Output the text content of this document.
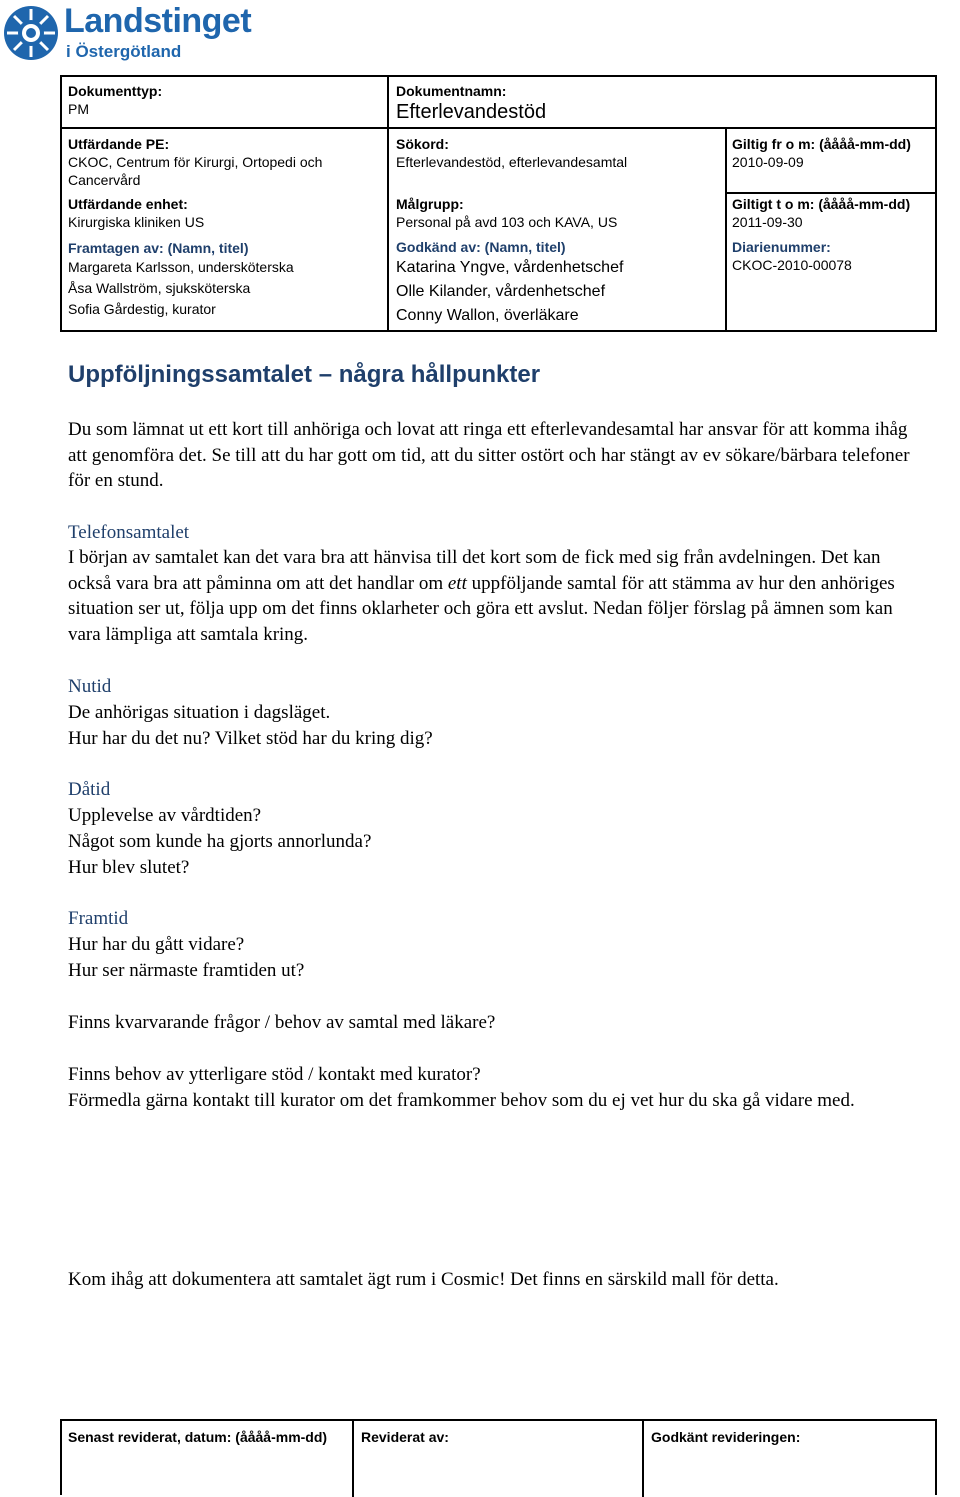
Landstinget
i Östergötland
Dokumenttyp:
PM
Utfärdande PE:
CKOC, Centrum för Kirurgi, Ortopedi och
Cancervård
Utfärdande enhet:
Kirurgiska kliniken US
Framtagen av: (Namn, titel)
Margareta Karlsson, undersköterska
Åsa Wallström, sjuksköterska
Sofia Gårdestig, kurator
Dokumentnamn:
Efterlevandestöd
Sökord:
Efterlevandestöd, efterlevandesamtal
Målgrupp:
Personal på avd 103 och KAVA, US
Godkänd av: (Namn, titel)
Katarina Yngve, vårdenhetschef
Olle Kilander, vårdenhetschef
Conny Wallon, överläkare
Giltig fr o m: (åååå-mm-dd)
2010-09-09
Giltigt t o m: (åååå-mm-dd)
2011-09-30
Diarienummer:
CKOC-2010-00078
Uppföljningssamtalet – några hållpunkter

Du som lämnat ut ett kort till anhöriga och lovat att ringa ett efterlevandesamtal har ansvar för att komma ihåg att genomföra det. Se till att du har gott om tid, att du sitter ostört och har stängt av ev sökare/bärbara telefoner för en stund.

Telefonsamtalet

I början av samtalet kan det vara bra att hänvisa till det kort som de fick med sig från avdelningen. Det kan också vara bra att påminna om att det handlar om ett uppföljande samtal för att stämma av hur den anhöriges situation ser ut, följa upp om det finns oklarheter och göra ett avslut. Nedan följer förslag på ämnen som kan vara lämpliga att samtala kring.

Nutid
De anhörigas situation i dagsläget.
Hur har du det nu? Vilket stöd har du kring dig?
Dåtid
Upplevelse av vårdtiden?
Något som kunde ha gjorts annorlunda?
Hur blev slutet?
Framtid
Hur har du gått vidare?
Hur ser närmaste framtiden ut?
Finns kvarvarande frågor / behov av samtal med läkare?
Finns behov av ytterligare stöd / kontakt med kurator?

Förmedla gärna kontakt till kurator om det framkommer behov som du ej vet hur du ska gå vidare med.

Kom ihåg att dokumentera att samtalet ägt rum i Cosmic! Det finns en särskild mall för detta.
Senast reviderat, datum: (åååå-mm-dd) Reviderat av:	Godkänt revideringen:
